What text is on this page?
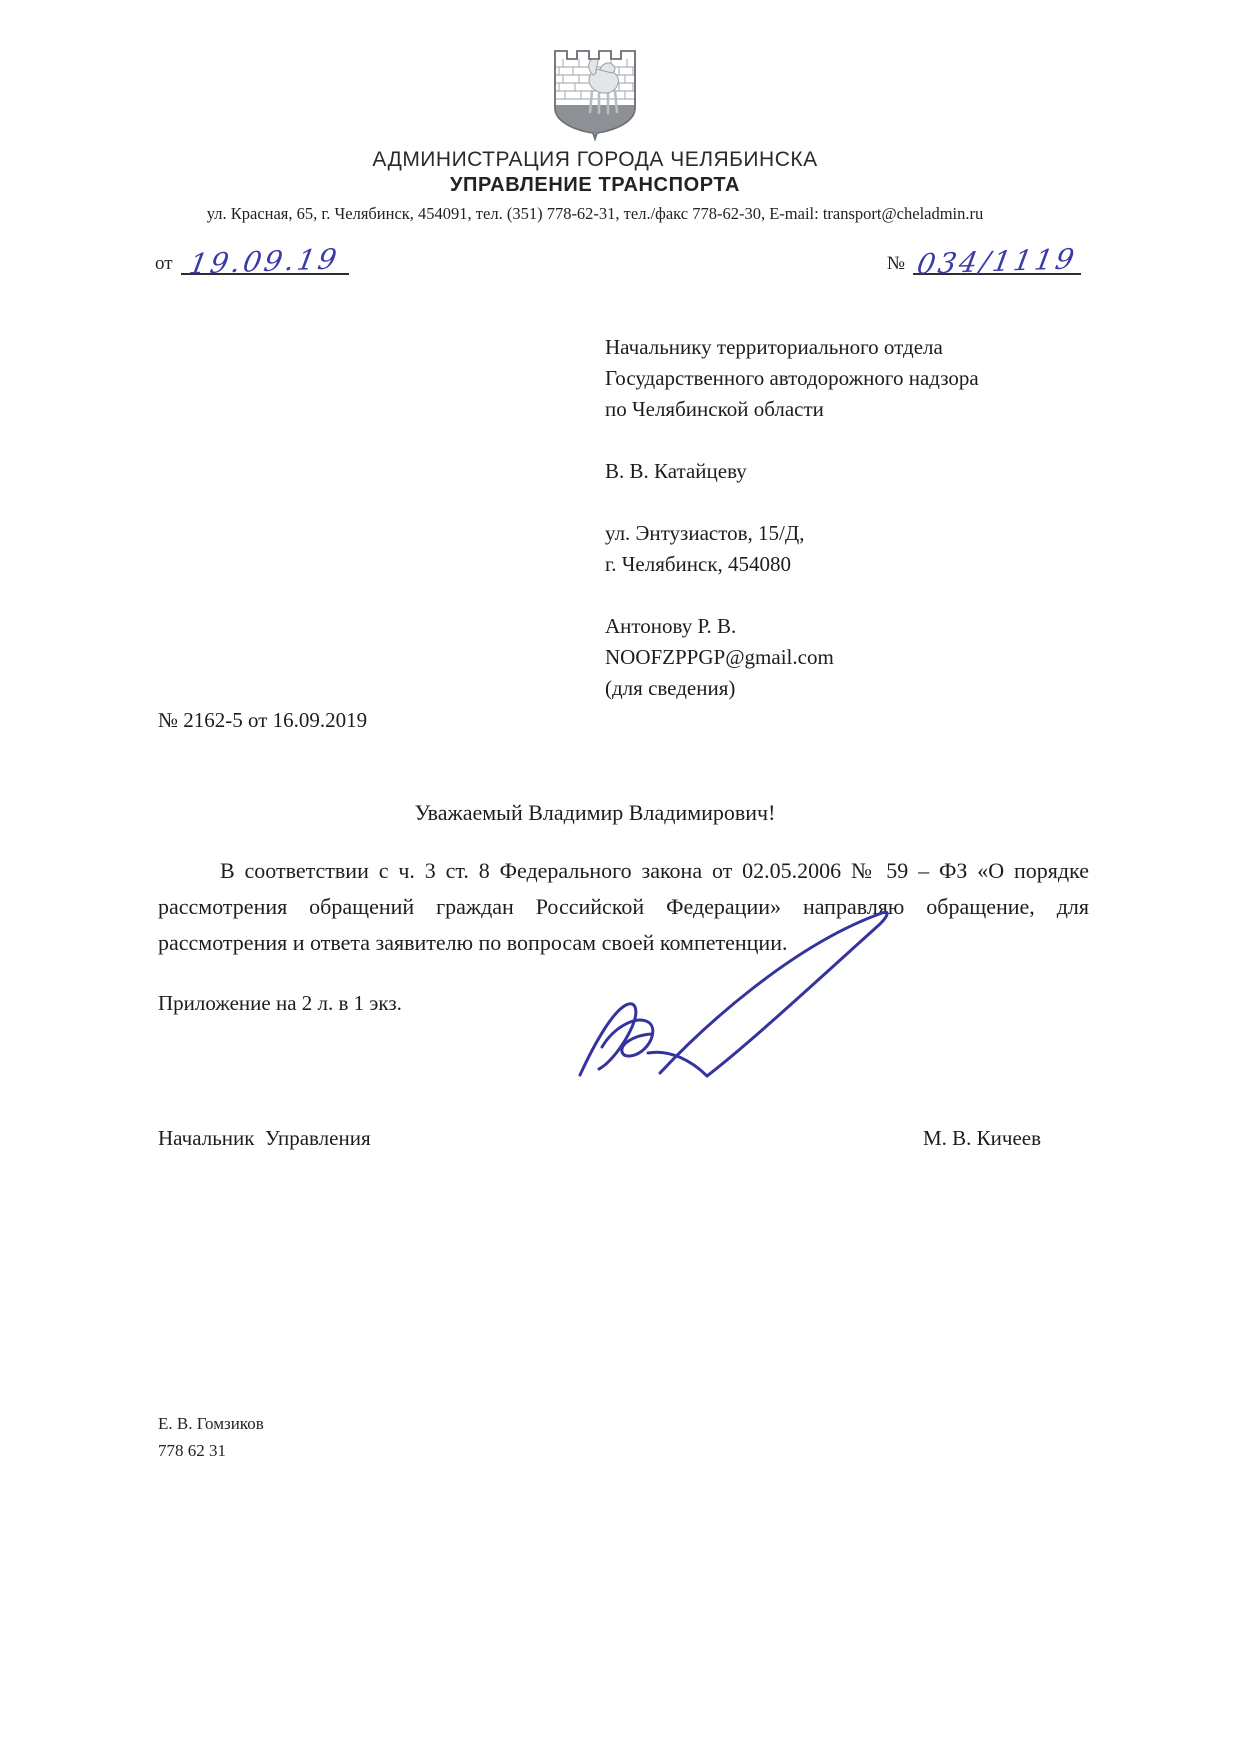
АДМИНИСТРАЦИЯ ГОРОДА ЧЕЛЯБИНСКА
УПРАВЛЕНИЕ ТРАНСПОРТА
ул. Красная, 65, г. Челябинск, 454091, тел. (351) 778-62-31, тел./факс 778-62-30, E-mail: transport@cheladmin.ru
от 19.09.19	№ 034/1119
Начальнику территориального отдела
Государственного автодорожного надзора
по Челябинской области
В. В. Катайцеву
ул. Энтузиастов, 15/Д,
г. Челябинск, 454080
Антонову Р. В.
NOOFZPPGP@gmail.com
(для сведения)
№ 2162-5 от 16.09.2019
Уважаемый Владимир Владимирович!
В соответствии с ч. 3 ст. 8 Федерального закона от 02.05.2006 № 59 – ФЗ «О порядке рассмотрения обращений граждан Российской Федерации» направляю обращение, для рассмотрения и ответа заявителю по вопросам своей компетенции.
Приложение на 2 л. в 1 экз.
Начальник  Управления	М. В. Кичеев
Е. В. Гомзиков
778 62 31
